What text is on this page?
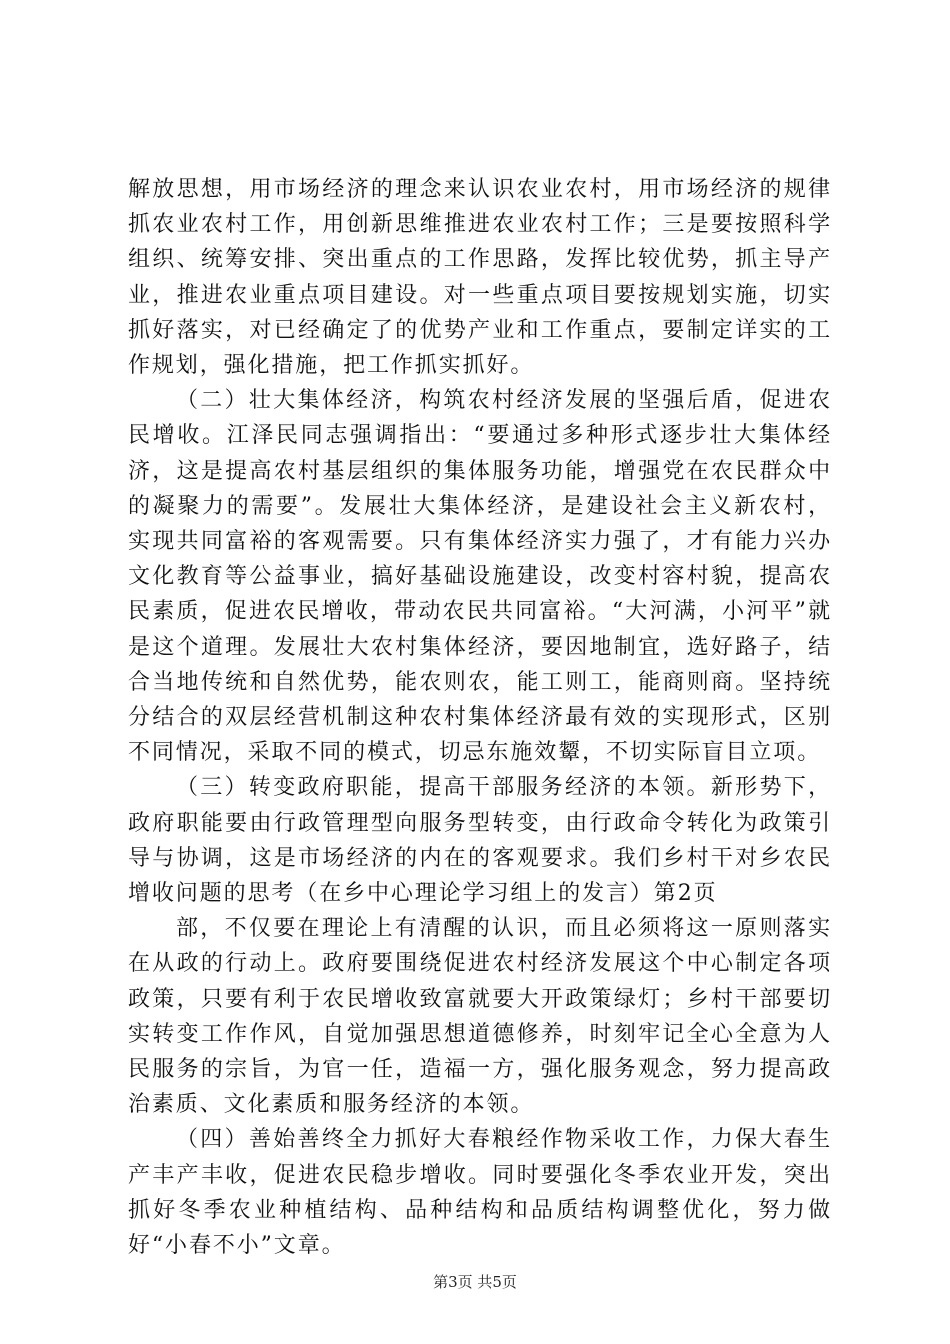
解放思想，用市场经济的理念来认识农业农村，用市场经济的规律抓农业农村工作，用创新思维推进农业农村工作；三是要按照科学组织、统筹安排、突出重点的工作思路，发挥比较优势，抓主导产业，推进农业重点项目建设。对一些重点项目要按规划实施，切实抓好落实，对已经确定了的优势产业和工作重点，要制定详实的工作规划，强化措施，把工作抓实抓好。

（二）壮大集体经济，构筑农村经济发展的坚强后盾，促进农民增收。江泽民同志强调指出：“要通过多种形式逐步壮大集体经济，这是提高农村基层组织的集体服务功能，增强党在农民群众中的凝聚力的需要”。发展壮大集体经济，是建设社会主义新农村，实现共同富裕的客观需要。只有集体经济实力强了，才有能力兴办文化教育等公益事业，搞好基础设施建设，改变村容村貌，提高农民素质，促进农民增收，带动农民共同富裕。“大河满，小河平”就是这个道理。发展壮大农村集体经济，要因地制宜，选好路子，结合当地传统和自然优势，能农则农，能工则工，能商则商。坚持统分结合的双层经营机制这种农村集体经济最有效的实现形式，区别不同情况，采取不同的模式，切忌东施效颦，不切实际盲目立项。

（三）转变政府职能，提高干部服务经济的本领。新形势下，政府职能要由行政管理型向服务型转变，由行政命令转化为政策引导与协调，这是市场经济的内在的客观要求。我们乡村干对乡农民增收问题的思考（在乡中心理论学习组上的发言）第2页

部，不仅要在理论上有清醒的认识，而且必须将这一原则落实在从政的行动上。政府要围绕促进农村经济发展这个中心制定各项政策，只要有利于农民增收致富就要大开政策绿灯；乡村干部要切实转变工作作风，自觉加强思想道德修养，时刻牢记全心全意为人民服务的宗旨，为官一任，造福一方，强化服务观念，努力提高政治素质、文化素质和服务经济的本领。

（四）善始善终全力抓好大春粮经作物采收工作，力保大春生产丰产丰收，促进农民稳步增收。同时要强化冬季农业开发，突出抓好冬季农业种植结构、品种结构和品质结构调整优化，努力做好“小春不小”文章。

第3页 共5页
